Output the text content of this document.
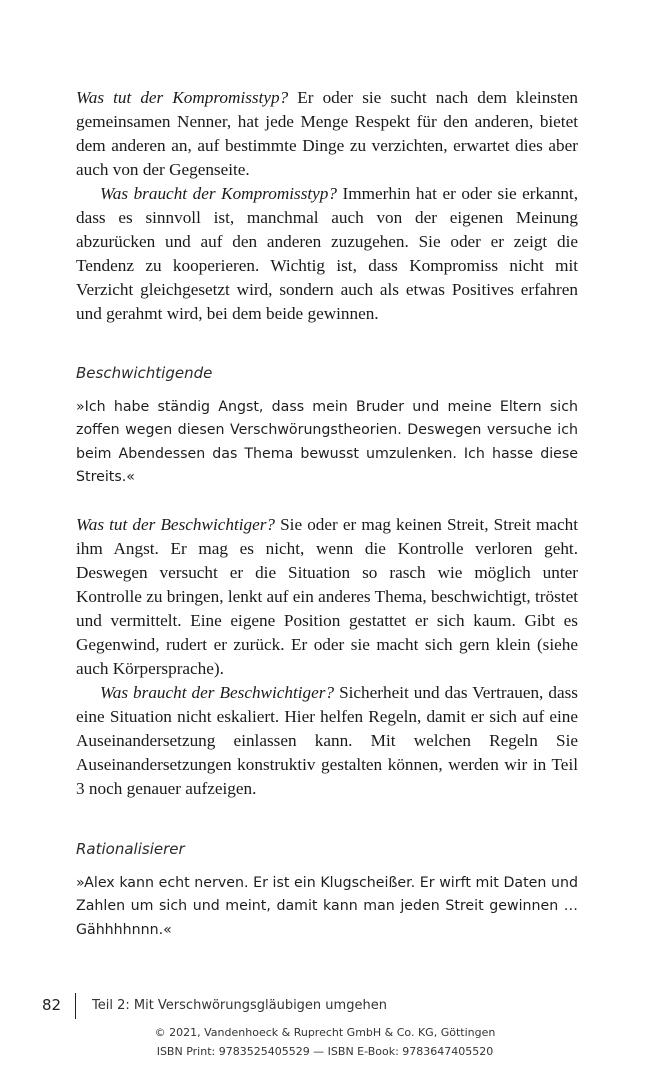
Was tut der Kompromisstyp? Er oder sie sucht nach dem kleinsten gemeinsamen Nenner, hat jede Menge Respekt für den anderen, bietet dem anderen an, auf bestimmte Dinge zu verzichten, erwartet dies aber auch von der Gegenseite.

Was braucht der Kompromisstyp? Immerhin hat er oder sie erkannt, dass es sinnvoll ist, manchmal auch von der eigenen Meinung abzurücken und auf den anderen zuzugehen. Sie oder er zeigt die Tendenz zu kooperieren. Wichtig ist, dass Kompromiss nicht mit Verzicht gleichgesetzt wird, sondern auch als etwas Positives erfahren und gerahmt wird, bei dem beide gewinnen.

Beschwichtigende

»Ich habe ständig Angst, dass mein Bruder und meine Eltern sich zoffen wegen diesen Verschwörungstheorien. Deswegen versuche ich beim Abendessen das Thema bewusst umzulenken. Ich hasse diese Streits.«

Was tut der Beschwichtiger? Sie oder er mag keinen Streit, Streit macht ihm Angst. Er mag es nicht, wenn die Kontrolle verloren geht. Deswegen versucht er die Situation so rasch wie möglich unter Kontrolle zu bringen, lenkt auf ein anderes Thema, beschwichtigt, tröstet und vermittelt. Eine eigene Position gestattet er sich kaum. Gibt es Gegenwind, rudert er zurück. Er oder sie macht sich gern klein (siehe auch Körpersprache).

Was braucht der Beschwichtiger? Sicherheit und das Vertrauen, dass eine Situation nicht eskaliert. Hier helfen Regeln, damit er sich auf eine Auseinandersetzung einlassen kann. Mit welchen Regeln Sie Auseinandersetzungen konstruktiv gestalten können, werden wir in Teil 3 noch genauer aufzeigen.

Rationalisierer

»Alex kann echt nerven. Er ist ein Klugscheißer. Er wirft mit Daten und Zahlen um sich und meint, damit kann man jeden Streit gewinnen … Gähhhhnnn.«

82 Teil 2: Mit Verschwörungsgläubigen umgehen
© 2021, Vandenhoeck & Ruprecht GmbH & Co. KG, Göttingen
ISBN Print: 9783525405529 — ISBN E-Book: 9783647405520
